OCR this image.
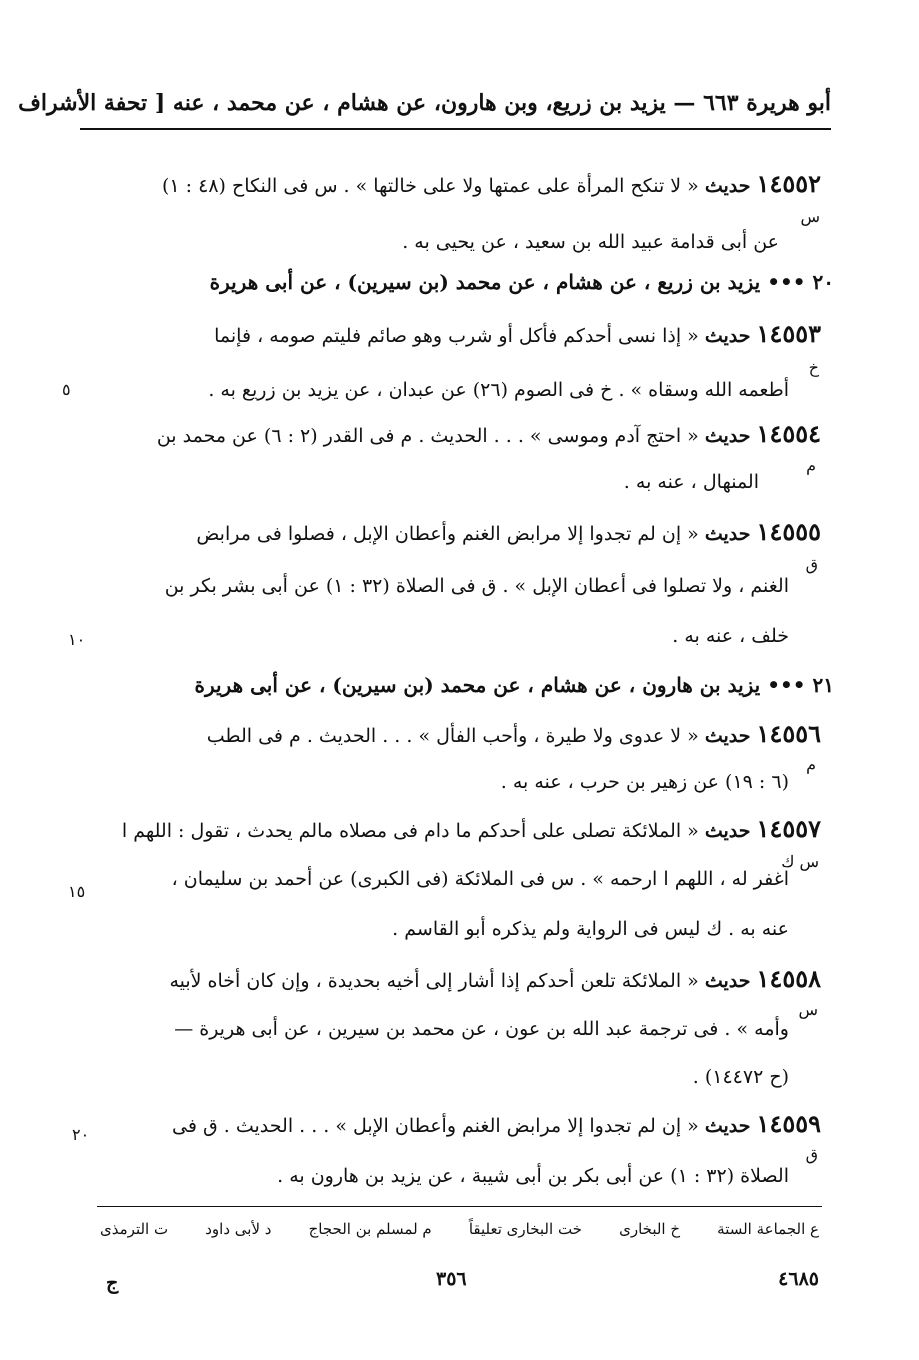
أبو هريرة ٦٦٣ — يزيد بن زريع، وبن هارون، عن هشام ، عن محمد ، عنه [ تحفة الأشراف
١٤٥٥٢ حديث « لا تنكح المرأة على عمتها ولا على خالتها » . س فى النكاح (٤٨ : ١)
عن أبى قدامة عبيد الله بن سعيد ، عن يحيى به .
س
٢٠ ••• يزيد بن زريع ، عن هشام ، عن محمد (بن سيرين) ، عن أبى هريرة
١٤٥٥٣ حديث « إذا نسى أحدكم فأكل أو شرب وهو صائم فليتم صومه ، فإنما
أطعمه الله وسقاه » . خ فى الصوم (٢٦) عن عبدان ، عن يزيد بن زريع به .
خ
٥
١٤٥٥٤ حديث « احتج آدم وموسى » . . . الحديث . م فى القدر (٢ : ٦) عن محمد بن
المنهال ، عنه به .
م
١٤٥٥٥ حديث « إن لم تجدوا إلا مرابض الغنم وأعطان الإبل ، فصلوا فى مرابض
الغنم ، ولا تصلوا فى أعطان الإبل » . ق فى الصلاة (٣٢ : ١) عن أبى بشر بكر بن
خلف ، عنه به .
ق
١٠
٢١ ••• يزيد بن هارون ، عن هشام ، عن محمد (بن سيرين) ، عن أبى هريرة
١٤٥٥٦ حديث « لا عدوى ولا طيرة ، وأحب الفأل » . . . الحديث . م فى الطب
(٦ : ١٩) عن زهير بن حرب ، عنه به .
م
١٤٥٥٧ حديث « الملائكة تصلى على أحدكم ما دام فى مصلاه مالم يحدث ، تقول : اللهم ا
اغفر له ، اللهم ا ارحمه » . س فى الملائكة (فى الكبرى) عن أحمد بن سليمان ،
عنه به . ك ليس فى الرواية ولم يذكره أبو القاسم .
س ك
١٥
١٤٥٥٨ حديث « الملائكة تلعن أحدكم إذا أشار إلى أخيه بحديدة ، وإن كان أخاه لأبيه
وأمه » . فى ترجمة عبد الله بن عون ، عن محمد بن سيرين ، عن أبى هريرة —
(ح ١٤٤٧٢) .
س
١٤٥٥٩ حديث « إن لم تجدوا إلا مرابض الغنم وأعطان الإبل » . . . الحديث . ق فى
الصلاة (٣٢ : ١) عن أبى بكر بن أبى شيبة ، عن يزيد بن هارون به .
ق
٢٠
ع الجماعة الستة
خ البخارى
خت البخارى تعليقاً
م لمسلم بن الحجاج
د لأبى داود
ت الترمذى
٤٦٨٥
٣٥٦
ج
